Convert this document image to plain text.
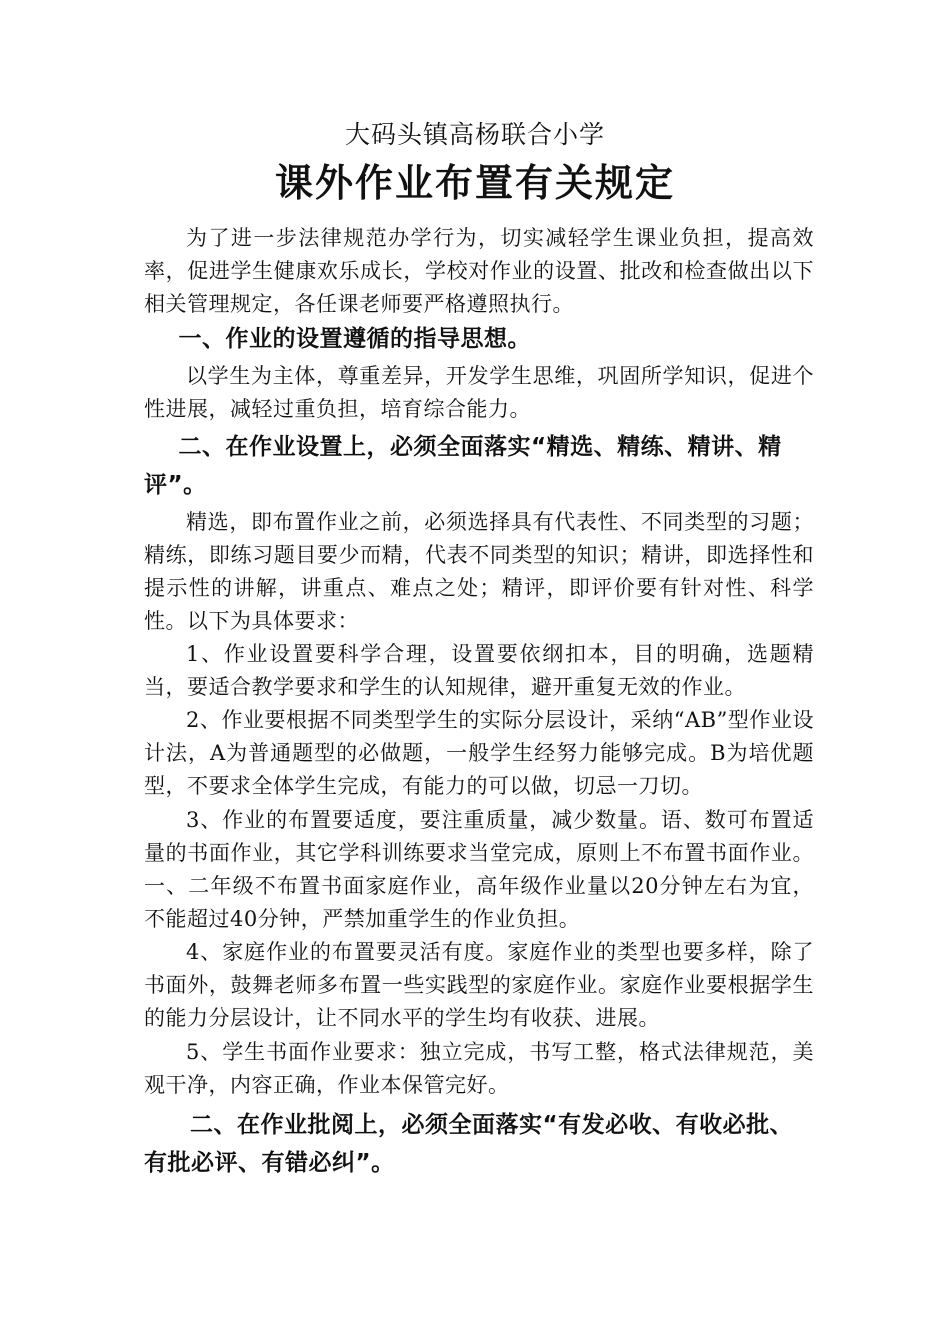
大码头镇高杨联合小学
课外作业布置有关规定

为了进一步法律规范办学行为，切实减轻学生课业负担，提高效率，促进学生健康欢乐成长，学校对作业的设置、批改和检查做出以下相关管理规定，各任课老师要严格遵照执行。

一、作业的设置遵循的指导思想。

以学生为主体，尊重差异，开发学生思维，巩固所学知识，促进个性进展，减轻过重负担，培育综合能力。

二、在作业设置上，必须全面落实“精选、精练、精讲、精评”。

精选，即布置作业之前，必须选择具有代表性、不同类型的习题；精练，即练习题目要少而精，代表不同类型的知识；精讲，即选择性和提示性的讲解，讲重点、难点之处；精评，即评价要有针对性、科学性。以下为具体要求：

1、作业设置要科学合理，设置要依纲扣本，目的明确，选题精当，要适合教学要求和学生的认知规律，避开重复无效的作业。

2、作业要根据不同类型学生的实际分层设计，采纳“AB”型作业设计法，A为普通题型的必做题，一般学生经努力能够完成。B为培优题型，不要求全体学生完成，有能力的可以做，切忌一刀切。

3、作业的布置要适度，要注重质量，减少数量。语、数可布置适量的书面作业，其它学科训练要求当堂完成，原则上不布置书面作业。一、二年级不布置书面家庭作业，高年级作业量以20分钟左右为宜，不能超过40分钟，严禁加重学生的作业负担。

4、家庭作业的布置要灵活有度。家庭作业的类型也要多样，除了书面外，鼓舞老师多布置一些实践型的家庭作业。家庭作业要根据学生的能力分层设计，让不同水平的学生均有收获、进展。

5、学生书面作业要求：独立完成，书写工整，格式法律规范，美观干净，内容正确，作业本保管完好。

二、在作业批阅上，必须全面落实“有发必收、有收必批、有批必评、有错必纠”。
